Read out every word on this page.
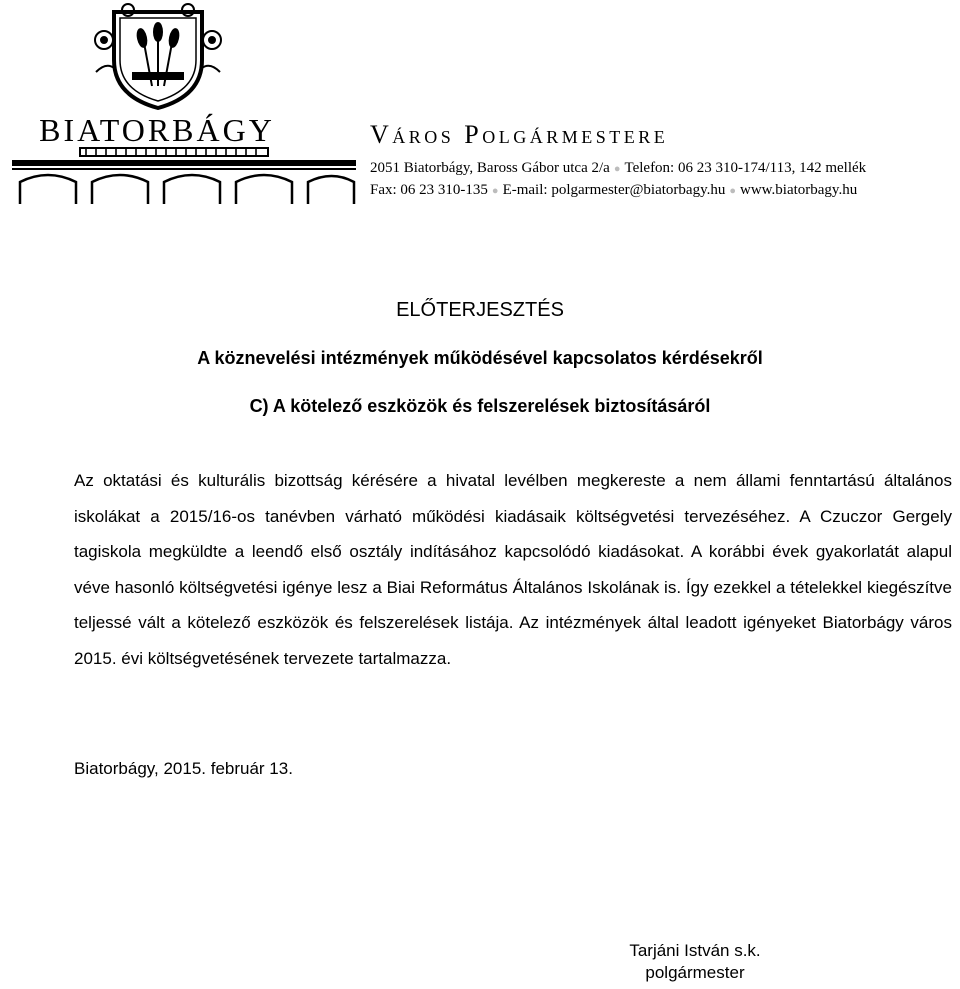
BIATORBÁGY	Város Polgármestere
2051 Biatorbágy, Baross Gábor utca 2/a ● Telefon: 06 23 310-174/113, 142 mellék
Fax: 06 23 310-135 ● E-mail: polgarmester@biatorbagy.hu ● www.biatorbagy.hu
ELŐTERJESZTÉS
A köznevelési intézmények működésével kapcsolatos kérdésekről
C) A kötelező eszközök és felszerelések biztosításáról

Az oktatási és kulturális bizottság kérésére a hivatal levélben megkereste a nem állami fenntartású általános iskolákat a 2015/16-os tanévben várható működési kiadásaik költségvetési tervezéséhez. A Czuczor Gergely tagiskola megküldte a leendő első osztály indításához kapcsolódó kiadásokat. A korábbi évek gyakorlatát alapul véve hasonló költségvetési igénye lesz a Biai Református Általános Iskolának is. Így ezekkel a tételekkel kiegészítve teljessé vált a kötelező eszközök és felszerelések listája. Az intézmények által leadott igényeket Biatorbágy város 2015. évi költségvetésének tervezete tartalmazza.

Biatorbágy, 2015. február 13.

Tarjáni István s.k.

polgármester
